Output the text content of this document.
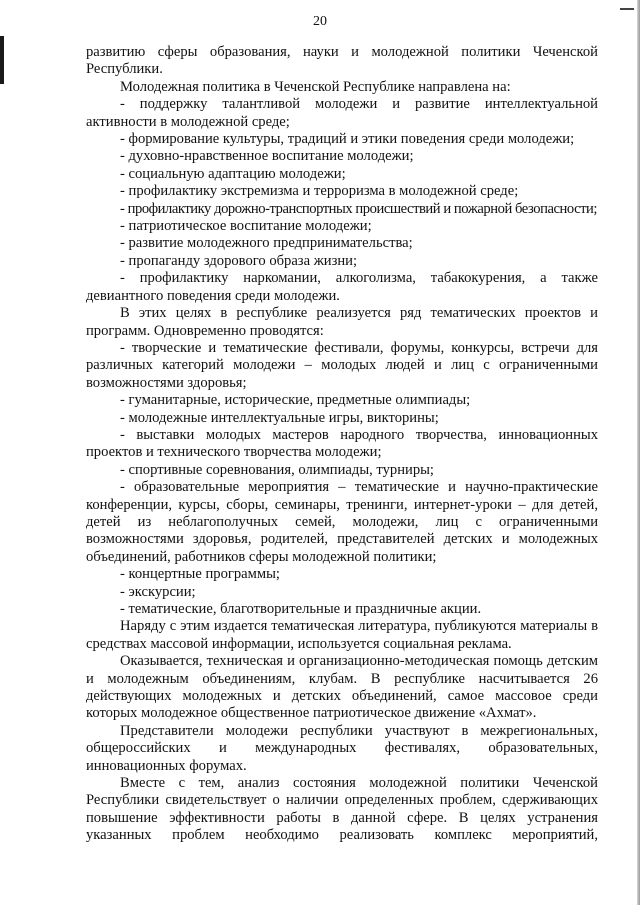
20

развитию сферы образования, науки и молодежной политики Чеченской Республики.

Молодежная политика в Чеченской Республике направлена на:

- поддержку талантливой молодежи и развитие интеллектуальной активности в молодежной среде;

- формирование культуры, традиций и этики поведения среди молодежи;

- духовно-нравственное воспитание молодежи;

- социальную адаптацию молодежи;

- профилактику экстремизма и терроризма в молодежной среде;

- профилактику дорожно-транспортных происшествий и пожарной безопасности;

- патриотическое воспитание молодежи;

- развитие молодежного предпринимательства;

- пропаганду здорового образа жизни;

- профилактику наркомании, алкоголизма, табакокурения, а также девиантного поведения среди молодежи.

В этих целях в республике реализуется ряд тематических проектов и программ. Одновременно проводятся:

- творческие и тематические фестивали, форумы, конкурсы, встречи для различных категорий молодежи – молодых людей и лиц с ограниченными возможностями здоровья;

- гуманитарные, исторические, предметные олимпиады;

- молодежные интеллектуальные игры, викторины;

- выставки молодых мастеров народного творчества, инновационных проектов и технического творчества молодежи;

- спортивные соревнования, олимпиады, турниры;

- образовательные мероприятия – тематические и научно-практические конференции, курсы, сборы, семинары, тренинги, интернет-уроки – для детей, детей из неблагополучных семей, молодежи, лиц с ограниченными возможностями здоровья, родителей, представителей детских и молодежных объединений, работников сферы молодежной политики;

- концертные программы;

- экскурсии;

- тематические, благотворительные и праздничные акции.

Наряду с этим издается тематическая литература, публикуются материалы в средствах массовой информации, используется социальная реклама.

Оказывается, техническая и организационно-методическая помощь детским и молодежным объединениям, клубам. В республике насчитывается 26 действующих молодежных и детских объединений, самое массовое среди которых молодежное общественное патриотическое движение «Ахмат».

Представители молодежи республики участвуют в межрегиональных, общероссийских и международных фестивалях, образовательных, инновационных форумах.

Вместе с тем, анализ состояния молодежной политики Чеченской Республики свидетельствует о наличии определенных проблем, сдерживающих повышение эффективности работы в данной сфере. В целях устранения указанных проблем необходимо реализовать комплекс мероприятий,
